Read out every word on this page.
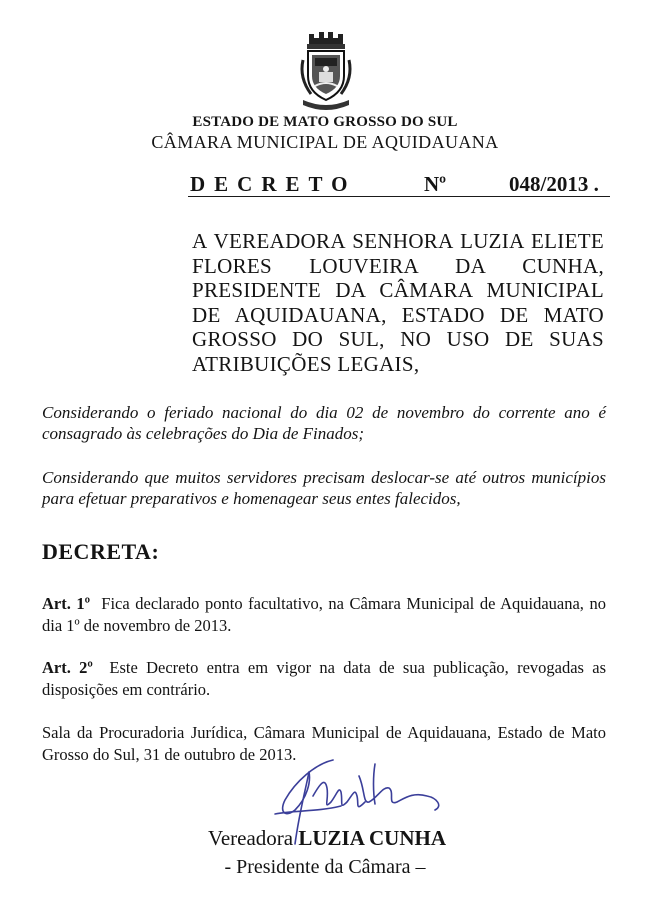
ESTADO DE MATO GROSSO DO SUL
CÂMARA MUNICIPAL DE AQUIDAUANA
DECRETO	Nº	048/2013 .
A VEREADORA SENHORA LUZIA ELIETE FLORES LOUVEIRA DA CUNHA, PRESIDENTE DA CÂMARA MUNICIPAL DE AQUIDAUANA, ESTADO DE MATO GROSSO DO SUL, NO USO DE SUAS ATRIBUIÇÕES LEGAIS,
Considerando o feriado nacional do dia 02 de novembro do corrente ano é consagrado às celebrações do Dia de Finados;
Considerando que muitos servidores precisam deslocar-se até outros municípios para efetuar preparativos e homenagear seus entes falecidos,
DECRETA:
Art. 1º Fica declarado ponto facultativo, na Câmara Municipal de Aquidauana, no dia 1º de novembro de 2013.
Art. 2º Este Decreto entra em vigor na data de sua publicação, revogadas as disposições em contrário.
Sala da Procuradoria Jurídica, Câmara Municipal de Aquidauana, Estado de Mato Grosso do Sul, 31 de outubro de 2013.
Vereadora LUZIA CUNHA
- Presidente da Câmara –
